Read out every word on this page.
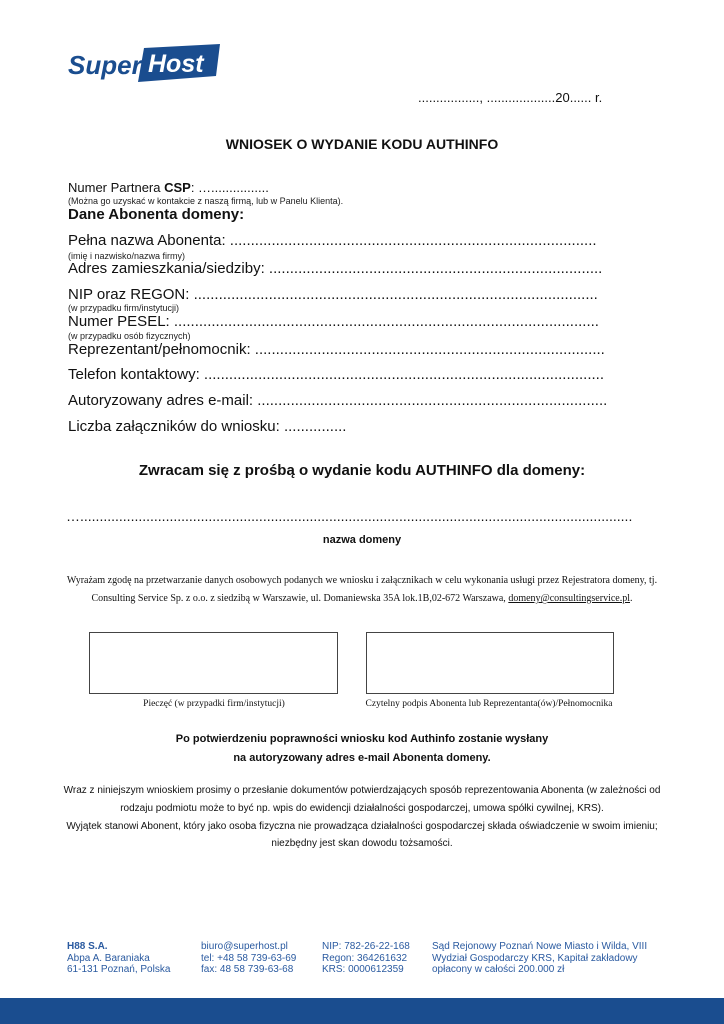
Super Host
................., ...................20...... r.
WNIOSEK O WYDANIE KODU AUTHINFO
Numer Partnera CSP: …................
(Można go uzyskać w kontakcie z naszą firmą, lub w Panelu Klienta).
Dane Abonenta domeny:
Pełna nazwa Abonenta: ........................................................................................
(imię i nazwisko/nazwa firmy)
Adres zamieszkania/siedziby: ................................................................................
NIP oraz REGON: .................................................................................................
(w przypadku firm/instytucji)
Numer PESEL: ......................................................................................................
(w przypadku osób fizycznych)
Reprezentant/pełnomocnik: ....................................................................................
Telefon kontaktowy: ................................................................................................
Autoryzowany adres e-mail: ....................................................................................
Liczba załączników do wniosku: ...............
Zwracam się z prośbą o wydanie kodu AUTHINFO dla domeny:
…..............................................................................................................................................
nazwa domeny
Wyrażam zgodę na przetwarzanie danych osobowych podanych we wniosku i załącznikach w celu wykonania usługi przez Rejestratora domeny, tj. Consulting Service Sp. z o.o. z siedzibą w Warszawie, ul. Domaniewska 35A lok.1B,02-672 Warszawa, domeny@consultingservice.pl.
Pieczęć (w przypadki firm/instytucji)	Czytelny podpis Abonenta lub Reprezentanta(ów)/Pełnomocnika
Po potwierdzeniu poprawności wniosku kod Authinfo zostanie wysłany
na autoryzowany adres e-mail Abonenta domeny.
Wraz z niniejszym wnioskiem prosimy o przesłanie dokumentów potwierdzających sposób reprezentowania Abonenta (w zależności od
rodzaju podmiotu może to być np. wpis do ewidencji działalności gospodarczej, umowa spółki cywilnej, KRS).
Wyjątek stanowi Abonent, który jako osoba fizyczna nie prowadząca działalności gospodarczej składa oświadczenie w swoim imieniu;
niezbędny jest skan dowodu tożsamości.
H88 S.A.
Abpa A. Baraniaka
61-131 Poznań, Polska
biuro@superhost.pl
tel: +48 58 739-63-69
fax: 48 58 739-63-68
NIP: 782-26-22-168
Regon: 364261632
KRS: 0000612359
Sąd Rejonowy Poznań Nowe Miasto i Wilda, VIII
Wydział Gospodarczy KRS, Kapitał zakładowy
opłacony w całości 200.000 zł
